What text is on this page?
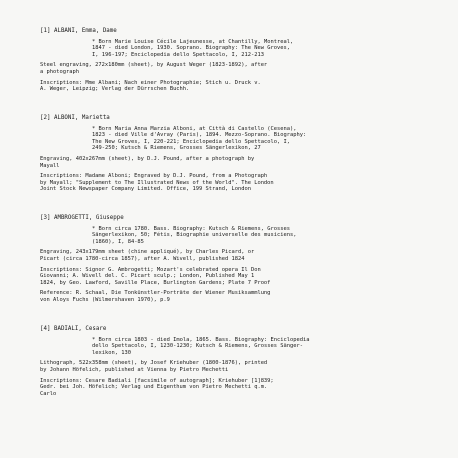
[1] ALBANI, Emma, Dame
* Born Marie Louise Cécile Lajeunesse, at Chantilly, Montreal,
1847 - died London, 1930. Soprano. Biography: The New Groves,
I, 196-197; Enciclopedia dello Spettacolo, I, 212-213
Steel engraving, 272x180mm (sheet), by August Weger (1823-1892), after
a photograph
Inscriptions: Mme Albani; Nach einer Photographie; Stich u. Druck v.
A. Weger, Leipzig; Verlag der Dürrschen Buchh.
[2] ALBONI, Marietta
* Born Maria Anna Marzia Alboni, at Città di Castello (Cesena),
1823 - died Ville d'Avray (Paris), 1894. Mezzo-Soprano. Biography:
The New Groves, I, 220-221; Enciclopedia dello Spettacolo, I,
249-250; Kutsch & Riemens, Grosses Sängerlexikon, 27
Engraving, 402x267mm (sheet), by D.J. Pound, after a photograph by
Mayall
Inscriptions: Madame Alboni; Engraved by D.J. Pound, from a Photograph
by Mayall; "Supplement to The Illustrated News of the World". The London
Joint Stock Newspaper Company Limited. Office, 199 Strand, London
[3] AMBROGETTI, Giuseppe
* Born circa 1780. Bass. Biography: Kutsch & Riemens, Grosses
Sängerlexikon, 50; Fétis, Biographie universelle des musiciens,
(1860), I, 84-85
Engraving, 243x179mm sheet (chine appliqué), by Charles Picard, or
Picart (circa 1780-circa 1857), after A. Wivell, published 1824
Inscriptions: Signor G. Ambrogetti; Mozart's celebrated opera Il Don
Giovanni; A. Wivell del. C. Picart sculp.; London, Published May 1
1824, by Geo. Lawford, Saville Place, Burlington Gardens; Plate 7 Proof
Reference: R. Schaal, Die Tonkünstler-Porträte der Wiener Musiksammlung
von Aloys Fuchs (Wilmershaven 1970), p.9
[4] BADIALI, Cesare
* Born circa 1803 - died Imola, 1865. Bass. Biography: Enciclopedia
dello Spettacolo, I, 1230-1230; Kutsch & Riemens, Grosses Sänger-
lexikon, 130
Lithograph, 522x358mm (sheet), by Josef Kriehuber (1800-1876), printed
by Johann Höfelich, published at Vienna by Pietro Mechetti
Inscriptions: Cesare Badiali [facsimile of autograph]; Kriehuber [1]839;
Gedr. bei Joh. Höfelich; Verlag und Eigenthum von Pietro Mechetti q.m.
Carlo
